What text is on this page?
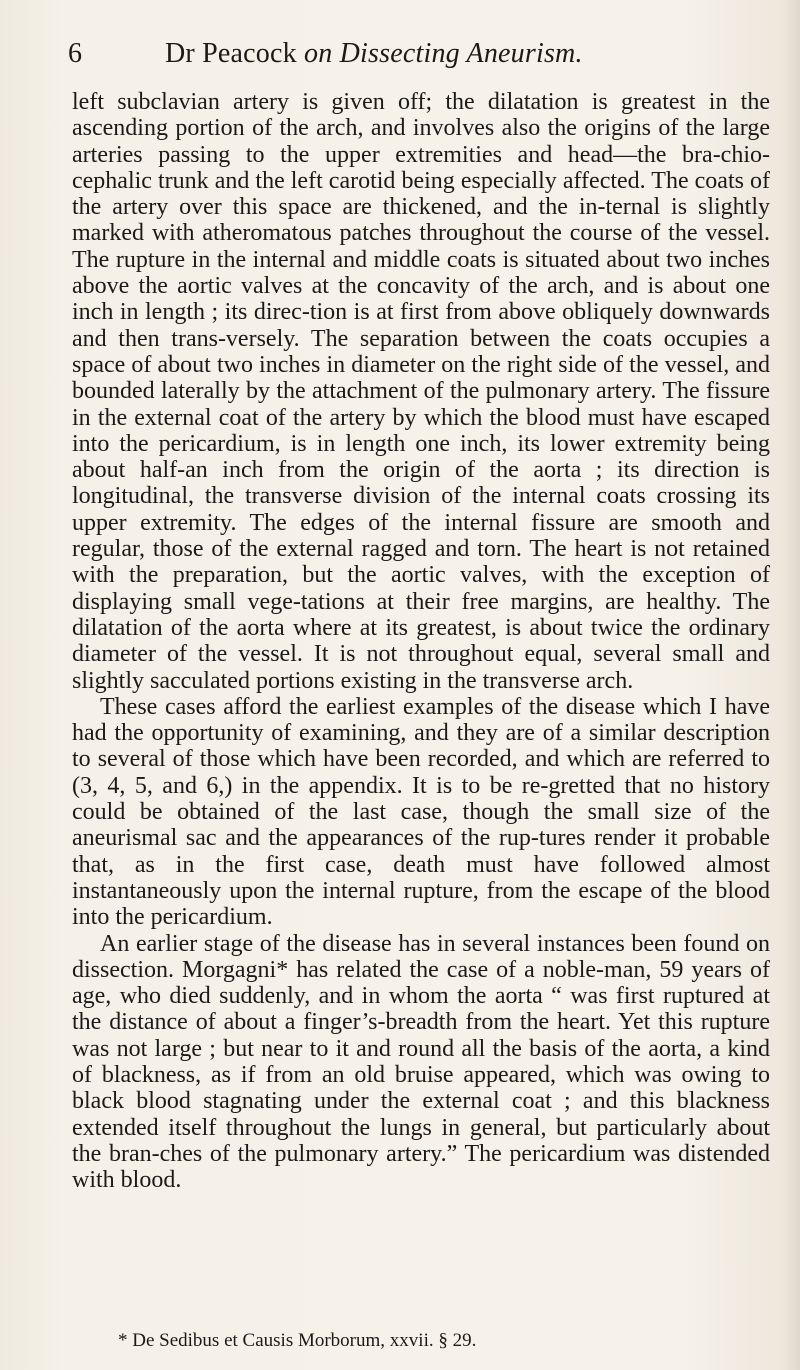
6	Dr Peacock on Dissecting Aneurism.

left subclavian artery is given off; the dilatation is greatest in the ascending portion of the arch, and involves also the origins of the large arteries passing to the upper extremities and head—the bra-chio-cephalic trunk and the left carotid being especially affected. The coats of the artery over this space are thickened, and the in-ternal is slightly marked with atheromatous patches throughout the course of the vessel. The rupture in the internal and middle coats is situated about two inches above the aortic valves at the concavity of the arch, and is about one inch in length ; its direc-tion is at first from above obliquely downwards and then trans-versely. The separation between the coats occupies a space of about two inches in diameter on the right side of the vessel, and bounded laterally by the attachment of the pulmonary artery. The fissure in the external coat of the artery by which the blood must have escaped into the pericardium, is in length one inch, its lower extremity being about half-an inch from the origin of the aorta ; its direction is longitudinal, the transverse division of the internal coats crossing its upper extremity. The edges of the internal fissure are smooth and regular, those of the external ragged and torn. The heart is not retained with the preparation, but the aortic valves, with the exception of displaying small vege-tations at their free margins, are healthy. The dilatation of the aorta where at its greatest, is about twice the ordinary diameter of the vessel. It is not throughout equal, several small and slightly sacculated portions existing in the transverse arch.

These cases afford the earliest examples of the disease which I have had the opportunity of examining, and they are of a similar description to several of those which have been recorded, and which are referred to (3, 4, 5, and 6,) in the appendix. It is to be re-gretted that no history could be obtained of the last case, though the small size of the aneurismal sac and the appearances of the rup-tures render it probable that, as in the first case, death must have followed almost instantaneously upon the internal rupture, from the escape of the blood into the pericardium.

An earlier stage of the disease has in several instances been found on dissection. Morgagni* has related the case of a noble-man, 59 years of age, who died suddenly, and in whom the aorta “ was first ruptured at the distance of about a finger’s-breadth from the heart. Yet this rupture was not large ; but near to it and round all the basis of the aorta, a kind of blackness, as if from an old bruise appeared, which was owing to black blood stagnating under the external coat ; and this blackness extended itself throughout the lungs in general, but particularly about the bran-ches of the pulmonary artery.” The pericardium was distended with blood.

* De Sedibus et Causis Morborum, xxvii. § 29.
